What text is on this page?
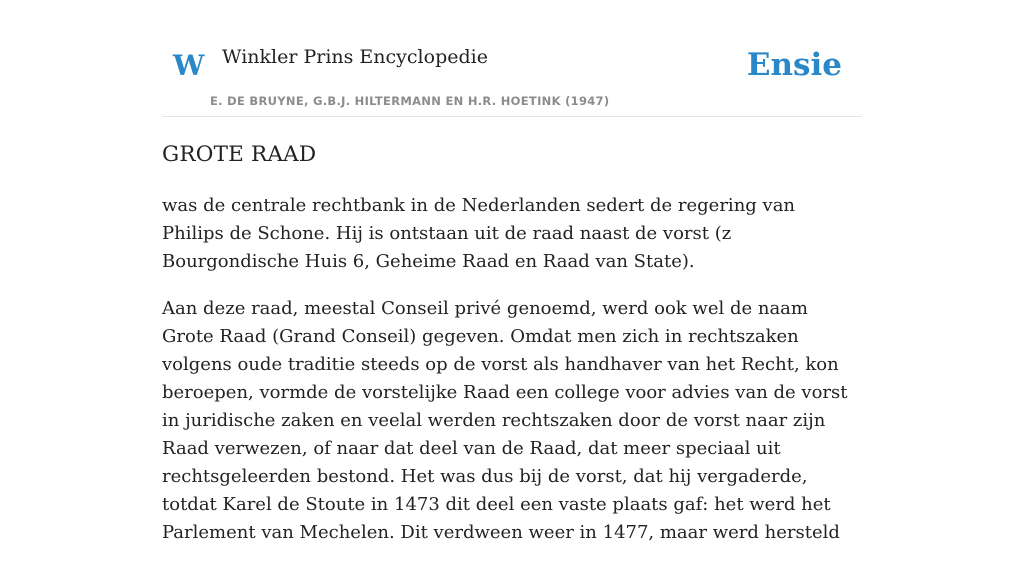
W Winkler Prins Encyclopedie
E. DE BRUYNE, G.B.J. HILTERMANN EN H.R. HOETINK (1947)
Ensie
GROTE RAAD

was de centrale rechtbank in de Nederlanden sedert de regering van Philips de Schone. Hij is ontstaan uit de raad naast de vorst (z Bourgondische Huis 6, Geheime Raad en Raad van State).

Aan deze raad, meestal Conseil privé genoemd, werd ook wel de naam Grote Raad (Grand Conseil) gegeven. Omdat men zich in rechtszaken volgens oude traditie steeds op de vorst als handhaver van het Recht, kon beroepen, vormde de vorstelijke Raad een college voor advies van de vorst in juridische zaken en veelal werden rechtszaken door de vorst naar zijn Raad verwezen, of naar dat deel van de Raad, dat meer speciaal uit rechtsgeleerden bestond. Het was dus bij de vorst, dat hij vergaderde, totdat Karel de Stoute in 1473 dit deel een vaste plaats gaf: het werd het Parlement van Mechelen. Dit verdween weer in 1477, maar werd hersteld
